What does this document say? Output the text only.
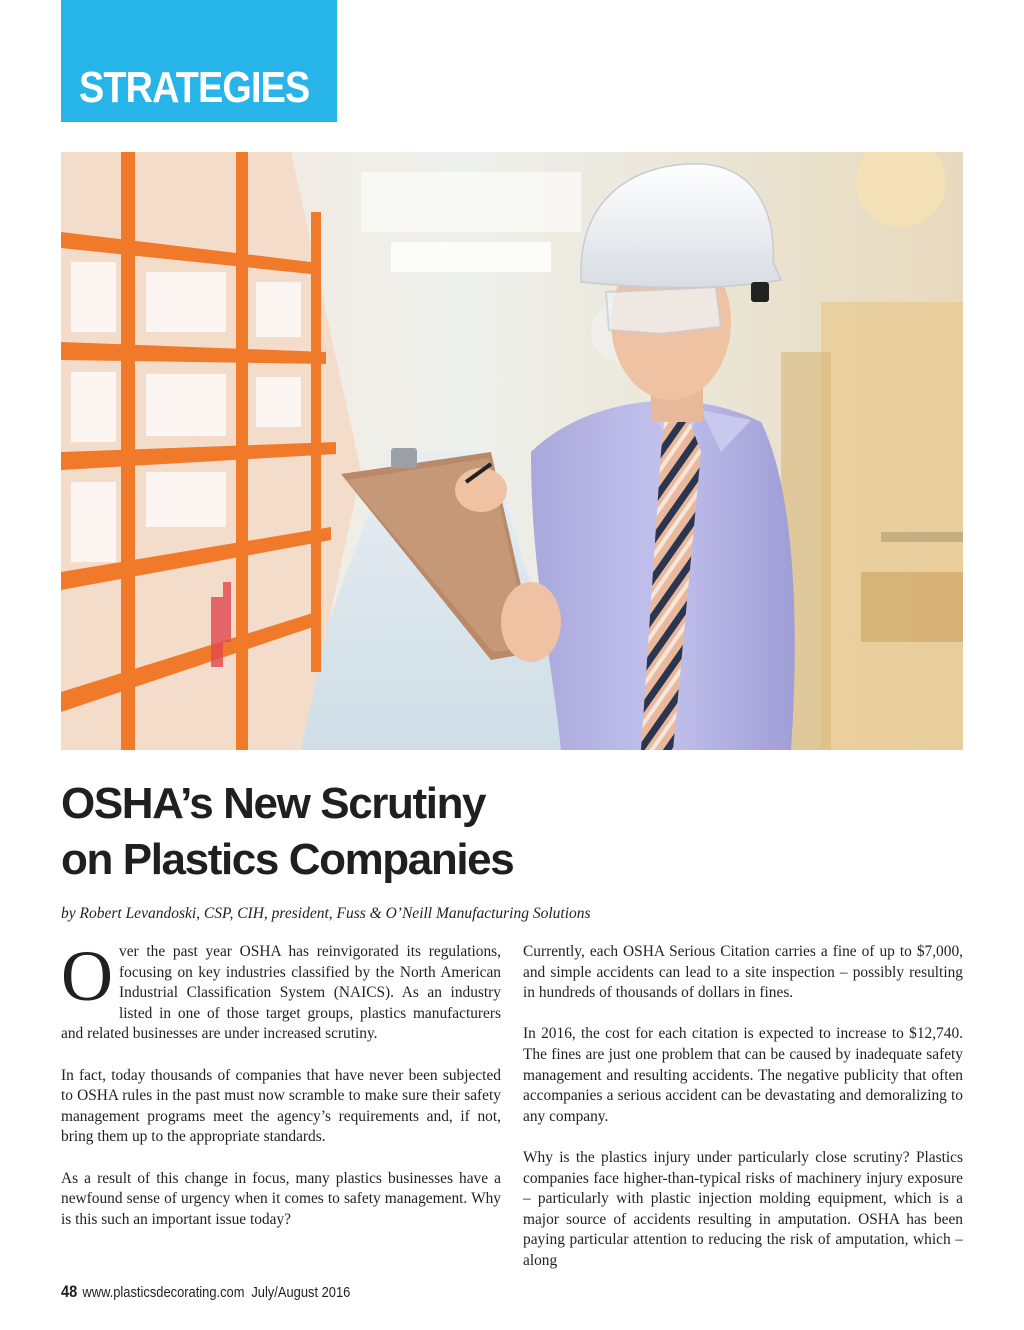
STRATEGIES
OSHA’s New Scrutiny
on Plastics Companies
by Robert Levandoski, CSP, CIH, president, Fuss & O’Neill Manufacturing Solutions

Over the past year OSHA has reinvigorated its regulations, focusing on key industries classified by the North American Industrial Classification System (NAICS). As an industry listed in one of those target groups, plastics manufacturers and related businesses are under increased scrutiny.

In fact, today thousands of companies that have never been subjected to OSHA rules in the past must now scramble to make sure their safety management programs meet the agency’s requirements and, if not, bring them up to the appropriate standards.

As a result of this change in focus, many plastics businesses have a newfound sense of urgency when it comes to safety management. Why is this such an important issue today?

Currently, each OSHA Serious Citation carries a fine of up to $7,000, and simple accidents can lead to a site inspection – possibly resulting in hundreds of thousands of dollars in fines.

In 2016, the cost for each citation is expected to increase to $12,740. The fines are just one problem that can be caused by inadequate safety management and resulting accidents. The negative publicity that often accompanies a serious accident can be devastating and demoralizing to any company.

Why is the plastics injury under particularly close scrutiny? Plastics companies face higher-than-typical risks of machinery injury exposure – particularly with plastic injection molding equipment, which is a major source of accidents resulting in amputation. OSHA has been paying particular attention to reducing the risk of amputation, which – along

48 www.plasticsdecorating.com July/August 2016
